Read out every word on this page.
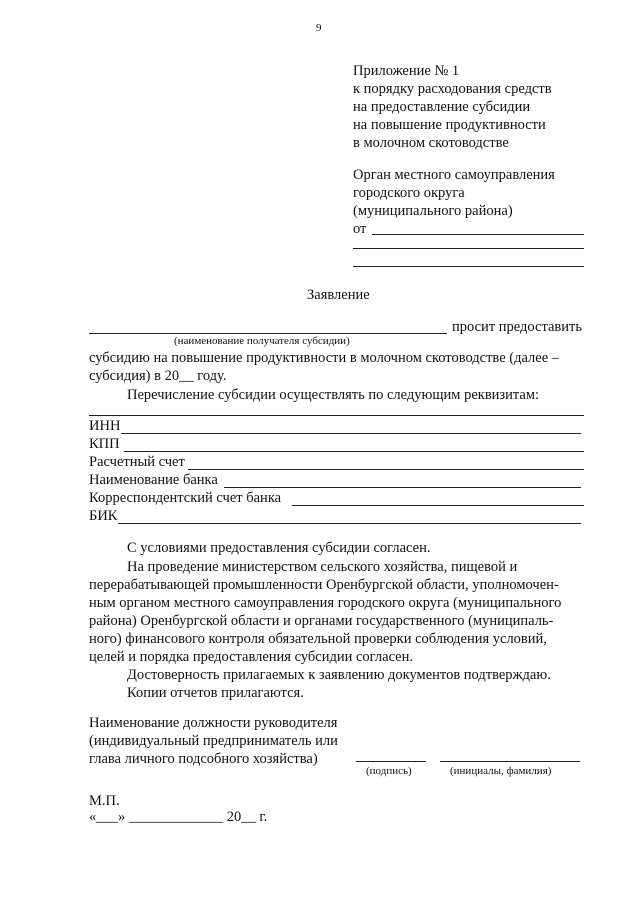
9
Приложение № 1
к порядку расходования средств
на предоставление субсидии
на повышение продуктивности
в молочном скотоводстве
Орган местного самоуправления
городского округа
(муниципального района)
от
Заявление
просит предоставить
(наименование получателя субсидии)
субсидию на повышение продуктивности в молочном скотоводстве (далее –
субсидия) в 20__ году.
Перечисление субсидии осуществлять по следующим реквизитам:
ИНН
КПП
Расчетный счет
Наименование банка
Корреспондентский счет банка
БИК
С условиями предоставления субсидии согласен.
На проведение министерством сельского хозяйства, пищевой и
перерабатывающей промышленности Оренбургской области, уполномочен-
ным органом местного самоуправления городского округа (муниципального
района) Оренбургской области и органами государственного (муниципаль-
ного) финансового контроля обязательной проверки соблюдения условий,
целей и порядка предоставления субсидии согласен.
Достоверность прилагаемых к заявлению документов подтверждаю.
Копии отчетов прилагаются.
Наименование должности руководителя
(индивидуальный предприниматель или
глава личного подсобного хозяйства)
(подпись)	(инициалы, фамилия)
М.П.
«___» _____________ 20__ г.
